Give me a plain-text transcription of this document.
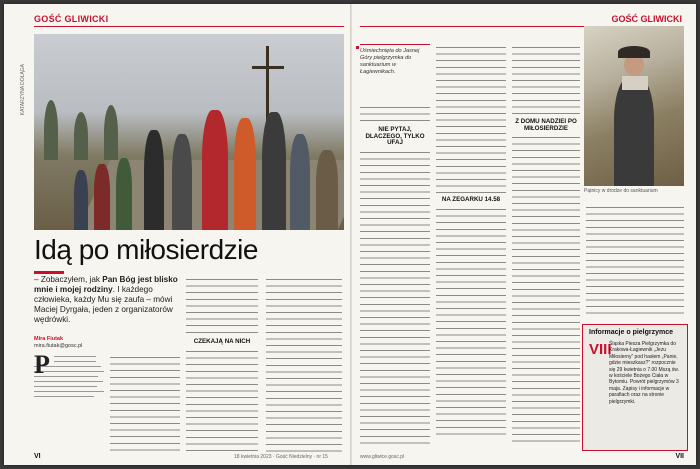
GOŚĆ GLIWICKI	GOŚĆ GLIWICKI
KATARZYNA DOŁĄGA
Idą po miłosierdzie
– Zobaczyłem, jak Pan Bóg jest blisko mnie i mojej rodziny. I każdego człowieka, każdy Mu się zaufa – mówi Maciej Dyrgała, jeden z organizatorów wędrówki.
Mira Fiutak
mira.fiutak@gosc.pl
P
CZEKAJĄ NA NICH
VI	18 kwietnia 2023 · Gość Niedzielny · nr 15
Uśmiechnięta do Jasnej Góry pielgrzymka do sanktuarium w Łagiewnikach.
NIE PYTAJ, DLACZEGO, TYLKO UFAJ
NA ZEGARKU 14.58
Z DOMU NADZIEI PO MIŁOSIERDZIE
Pątnicy w drodze do sanktuarium
Informacje o pielgrzymce
VIII
Śląska Piesza Pielgrzymka do Krakowa-Łagiewnik „Jezu Miłosierny” pod hasłem „Panie, gdzie mieszkasz?” rozpocznie się 29 kwietnia o 7.00 Mszą św. w kościele Bożego Ciała w Bytomiu. Powrót pielgrzymów 3 maja. Zapisy i informacje w parafiach oraz na stronie pielgrzymki.
www.gliwice.gosc.pl	VII
